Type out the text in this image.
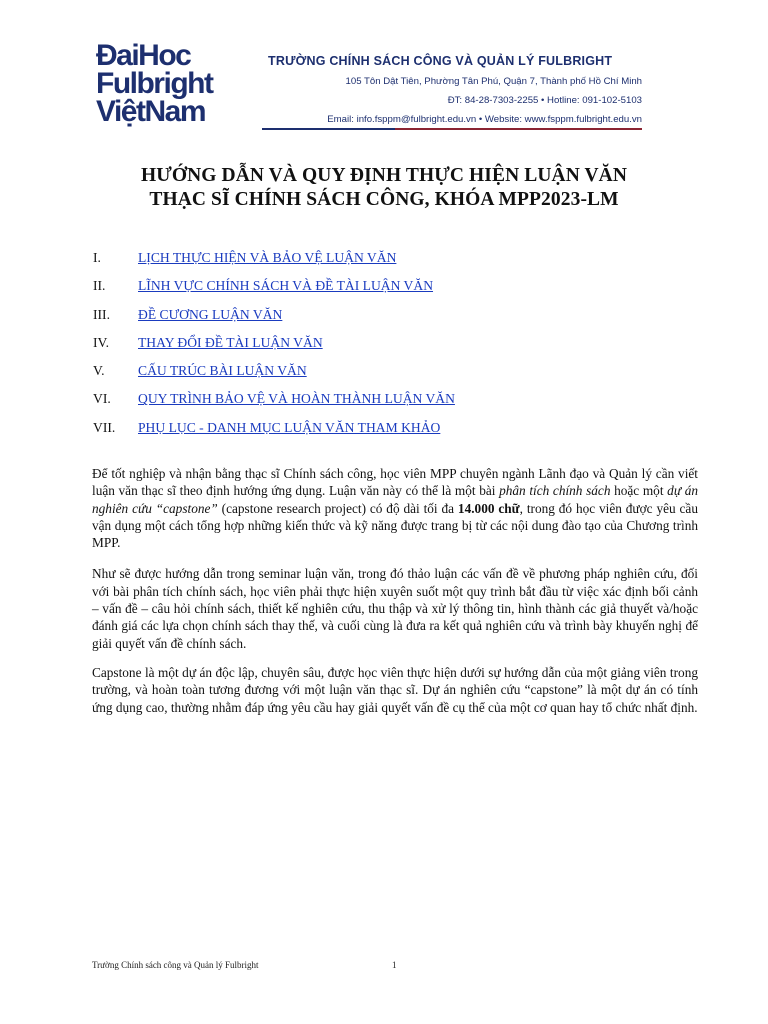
ĐaiHoc
Fulbright
ViệtNam
TRƯỜNG CHÍNH SÁCH CÔNG VÀ QUẢN LÝ FULBRIGHT
105 Tôn Dật Tiên, Phường Tân Phú, Quận 7, Thành phố Hồ Chí Minh
ĐT: 84-28-7303-2255 • Hotline: 091-102-5103
Email: info.fsppm@fulbright.edu.vn • Website: www.fsppm.fulbright.edu.vn
HƯỚNG DẪN VÀ QUY ĐỊNH THỰC HIỆN LUẬN VĂN
THẠC SĨ CHÍNH SÁCH CÔNG, KHÓA MPP2023-LM
I.	LỊCH THỰC HIỆN VÀ BẢO VỆ LUẬN VĂN
II.	LĨNH VỰC CHÍNH SÁCH VÀ ĐỀ TÀI LUẬN VĂN
III.	ĐỀ CƯƠNG LUẬN VĂN
IV.	THAY ĐỔI ĐỀ TÀI LUẬN VĂN
V.	CẤU TRÚC BÀI LUẬN VĂN
VI.	QUY TRÌNH BẢO VỆ VÀ HOÀN THÀNH LUẬN VĂN
VII.	PHỤ LỤC - DANH MỤC LUẬN VĂN THAM KHẢO

Để tốt nghiệp và nhận bằng thạc sĩ Chính sách công, học viên MPP chuyên ngành Lãnh đạo và Quản lý cần viết luận văn thạc sĩ theo định hướng ứng dụng. Luận văn này có thể là một bài phân tích chính sách hoặc một dự án nghiên cứu “capstone” (capstone research project) có độ dài tối đa 14.000 chữ, trong đó học viên được yêu cầu vận dụng một cách tổng hợp những kiến thức và kỹ năng được trang bị từ các nội dung đào tạo của Chương trình MPP.

Như sẽ được hướng dẫn trong seminar luận văn, trong đó thảo luận các vấn đề về phương pháp nghiên cứu, đối với bài phân tích chính sách, học viên phải thực hiện xuyên suốt một quy trình bắt đầu từ việc xác định bối cảnh – vấn đề – câu hỏi chính sách, thiết kế nghiên cứu, thu thập và xử lý thông tin, hình thành các giả thuyết và/hoặc đánh giá các lựa chọn chính sách thay thế, và cuối cùng là đưa ra kết quả nghiên cứu và trình bày khuyến nghị để giải quyết vấn đề chính sách.

Capstone là một dự án độc lập, chuyên sâu, được học viên thực hiện dưới sự hướng dẫn của một giảng viên trong trường, và hoàn toàn tương đương với một luận văn thạc sĩ. Dự án nghiên cứu “capstone” là một dự án có tính ứng dụng cao, thường nhằm đáp ứng yêu cầu hay giải quyết vấn đề cụ thể của một cơ quan hay tổ chức nhất định.

Trường Chính sách công và Quản lý Fulbright	1
